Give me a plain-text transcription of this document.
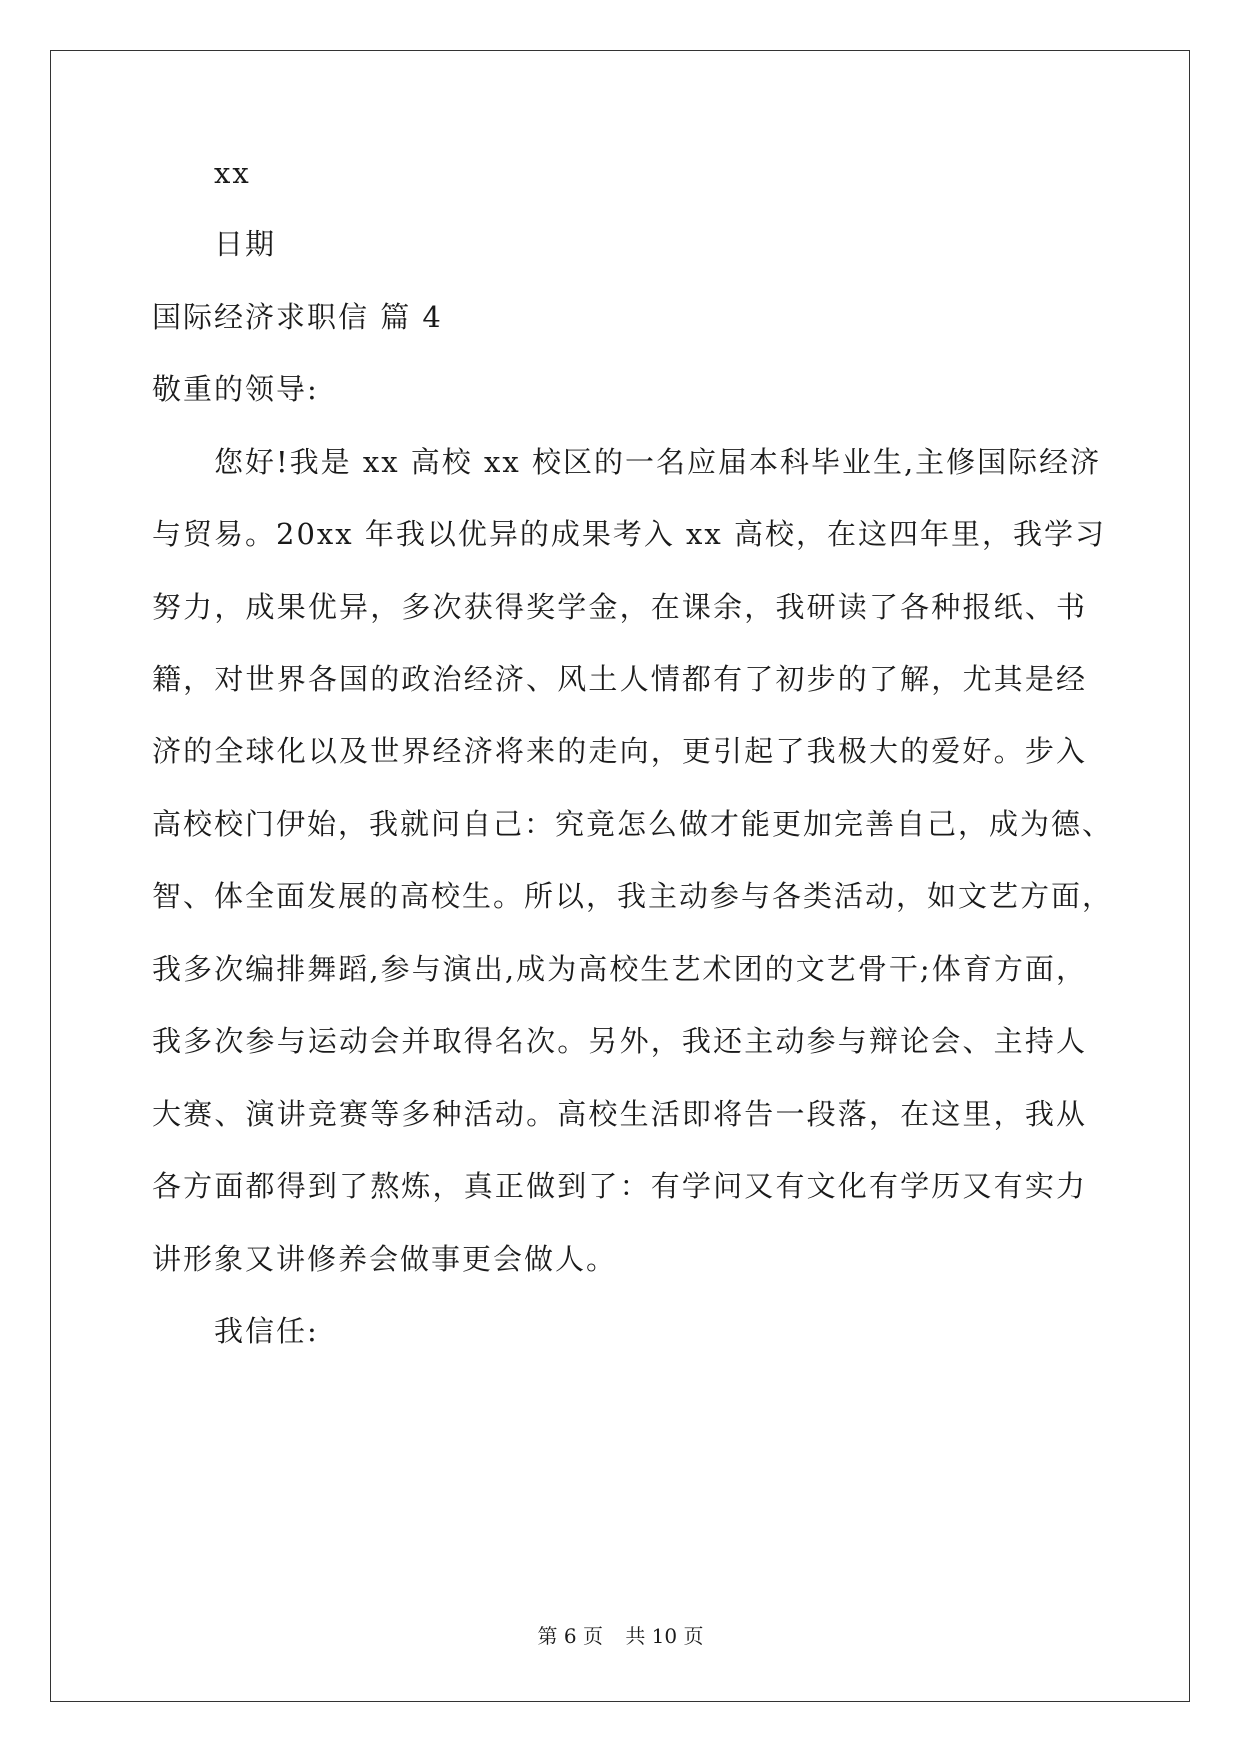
xx
日期
国际经济求职信 篇 4
敬重的领导:
您好!我是 xx 高校 xx 校区的一名应届本科毕业生,主修国际经济
与贸易。20xx 年我以优异的成果考入 xx 高校，在这四年里，我学习
努力，成果优异，多次获得奖学金，在课余，我研读了各种报纸、书
籍，对世界各国的政治经济、风土人情都有了初步的了解，尤其是经
济的全球化以及世界经济将来的走向，更引起了我极大的爱好。步入
高校校门伊始，我就问自己：究竟怎么做才能更加完善自己，成为德、
智、体全面发展的高校生。所以，我主动参与各类活动，如文艺方面，
我多次编排舞蹈,参与演出,成为高校生艺术团的文艺骨干;体育方面，
我多次参与运动会并取得名次。另外，我还主动参与辩论会、主持人
大赛、演讲竞赛等多种活动。高校生活即将告一段落，在这里，我从
各方面都得到了熬炼，真正做到了：有学问又有文化有学历又有实力
讲形象又讲修养会做事更会做人。
我信任:
第 6 页 共 10 页
